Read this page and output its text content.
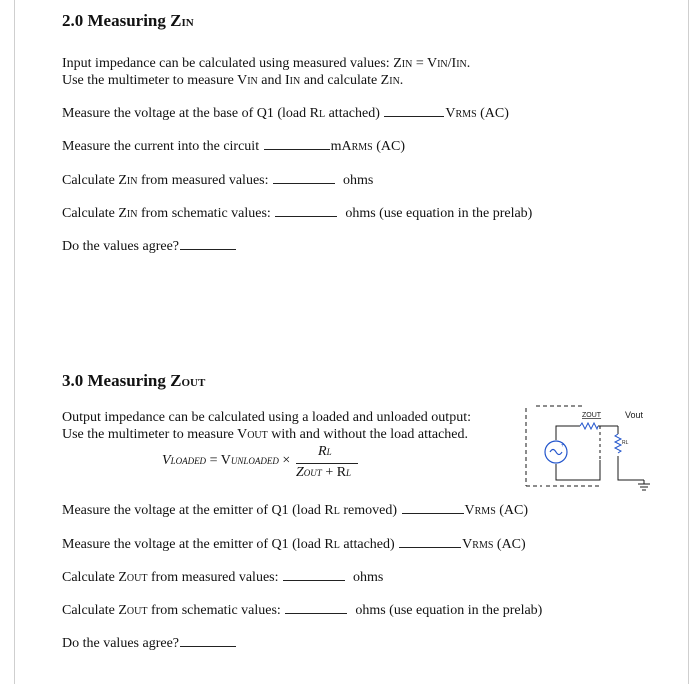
2.0 Measuring ZIN
Input impedance can be calculated using measured values: ZIN = VIN/IIN.
Use the multimeter to measure VIN and IIN and calculate ZIN.
Measure the voltage at the base of Q1 (load RL attached)	VRMS (AC)
Measure the current into the circuit	mARMS (AC)
Calculate ZIN from measured values:	ohms
Calculate ZIN from schematic values:	ohms (use equation in the prelab)
Do the values agree?
3.0 Measuring ZOUT
Output impedance can be calculated using a loaded and unloaded output:
Use the multimeter to measure VOUT with and without the load attached.
VLOADED = VUNLOADED ×
RL
ZOUT + RL
+
ZOUT	Vout
RL
Measure the voltage at the emitter of Q1 (load RL removed)	VRMS (AC)
Measure the voltage at the emitter of Q1 (load RL attached)	VRMS (AC)
Calculate ZOUT from measured values:	ohms
Calculate ZOUT from schematic values:	ohms (use equation in the prelab)
Do the values agree?
